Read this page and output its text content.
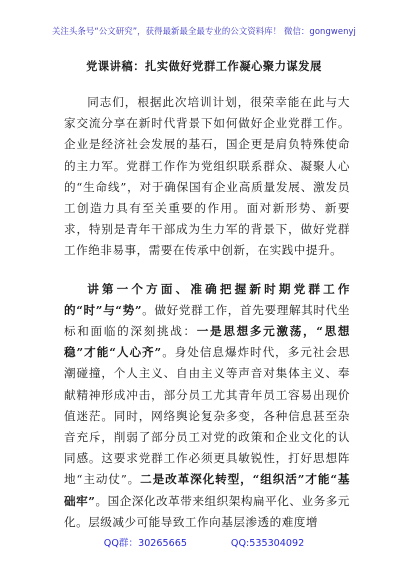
关注头条号“公文研究”，获得最新最全最专业的公文资料库！ 微信：gongwenyj
党课讲稿：扎实做好党群工作凝心聚力谋发展

同志们，根据此次培训计划，很荣幸能在此与大家交流分享在新时代背景下如何做好企业党群工作。企业是经济社会发展的基石，国企更是肩负特殊使命的主力军。党群工作作为党组织联系群众、凝聚人心的“生命线”，对于确保国有企业高质量发展、激发员工创造力具有至关重要的作用。面对新形势、新要求，特别是青年干部成为生力军的背景下，做好党群工作绝非易事，需要在传承中创新，在实践中提升。

讲第一个方面、准确把握新时期党群工作的“时”与“势”。做好党群工作，首先要理解其时代坐标和面临的深刻挑战：一是思想多元激荡，“思想稳”才能“人心齐”。身处信息爆炸时代，多元社会思潮碰撞，个人主义、自由主义等声音对集体主义、奉献精神形成冲击，部分员工尤其青年员工容易出现价值迷茫。同时，网络舆论复杂多变，各种信息甚至杂音充斥，削弱了部分员工对党的政策和企业文化的认同感。这要求党群工作必须更具敏锐性，打好思想阵地“主动仗”。二是改革深化转型，“组织活”才能“基础牢”。国企深化改革带来组织架构扁平化、业务多元化。层级减少可能导致工作向基层渗透的难度增

QQ群：30265665	QQ:535304092
